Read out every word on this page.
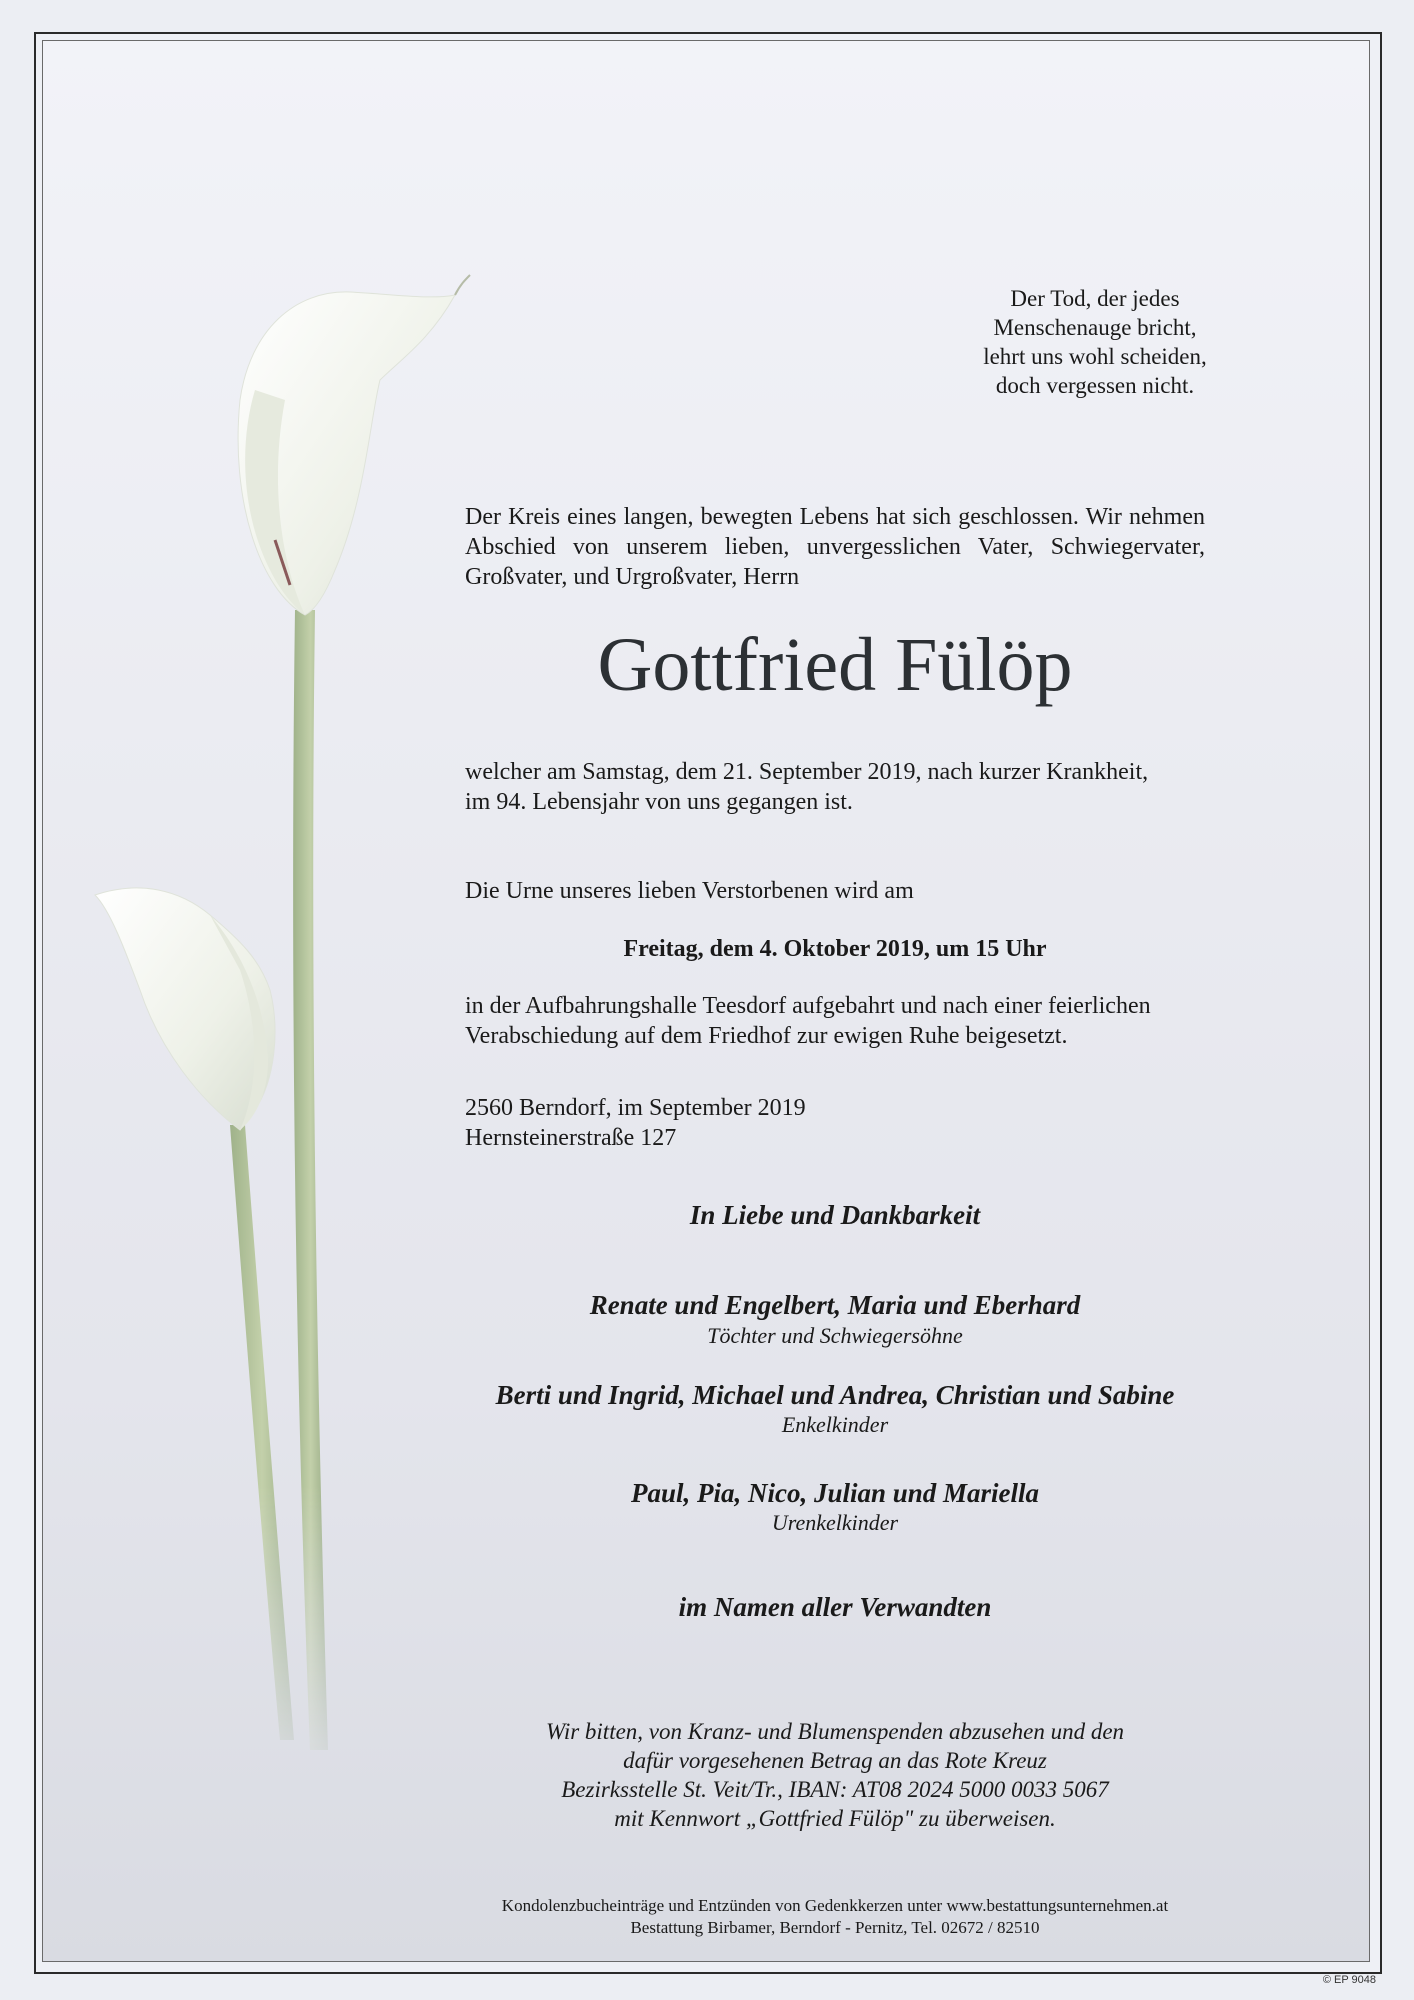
Der Tod, der jedes
Menschenauge bricht,
lehrt uns wohl scheiden,
doch vergessen nicht.
Der Kreis eines langen, bewegten Lebens hat sich geschlossen. Wir nehmen Abschied von unserem lieben, unvergesslichen Vater, Schwiegervater, Großvater, und Urgroßvater, Herrn
Gottfried Fülöp
welcher am Samstag, dem 21. September 2019, nach kurzer Krankheit,
im 94. Lebensjahr von uns gegangen ist.
Die Urne unseres lieben Verstorbenen wird am
Freitag, dem 4. Oktober 2019, um 15 Uhr
in der Aufbahrungshalle Teesdorf aufgebahrt und nach einer feierlichen
Verabschiedung auf dem Friedhof zur ewigen Ruhe beigesetzt.
2560 Berndorf, im September 2019
Hernsteinerstraße 127
In Liebe und Dankbarkeit
Renate und Engelbert, Maria und Eberhard
Töchter und Schwiegersöhne
Berti und Ingrid, Michael und Andrea, Christian und Sabine
Enkelkinder
Paul, Pia, Nico, Julian und Mariella
Urenkelkinder
im Namen aller Verwandten
Wir bitten, von Kranz- und Blumenspenden abzusehen und den
dafür vorgesehenen Betrag an das Rote Kreuz
Bezirksstelle St. Veit/Tr., IBAN: AT08 2024 5000 0033 5067
mit Kennwort „Gottfried Fülöp" zu überweisen.
Kondolenzbucheinträge und Entzünden von Gedenkkerzen unter www.bestattungsunternehmen.at
Bestattung Birbamer, Berndorf - Pernitz, Tel. 02672 / 82510
© EP 9048
